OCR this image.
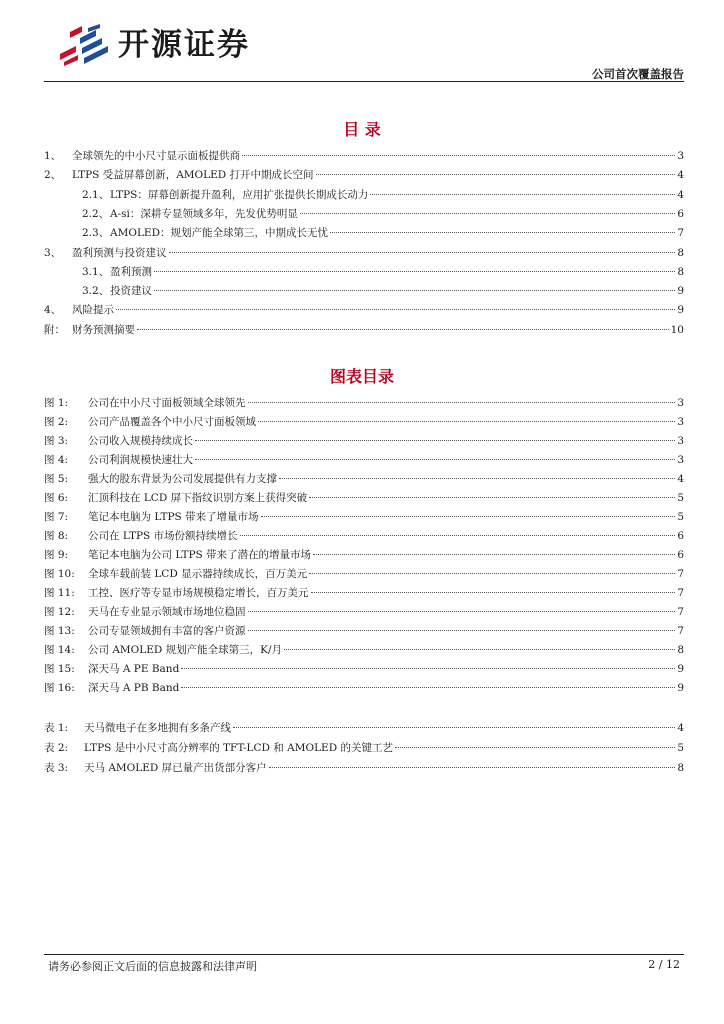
开源证券
公司首次覆盖报告
目 录
1、	全球领先的中小尺寸显示面板提供商	3
2、	LTPS 受益屏幕创新，AMOLED 打开中期成长空间	4
2.1、 LTPS：屏幕创新提升盈利，应用扩张提供长期成长动力	4
2.2、 A-si：深耕专显领域多年，先发优势明显	6
2.3、 AMOLED：规划产能全球第三，中期成长无忧	7
3、	盈利预测与投资建议	8
3.1、 盈利预测	8
3.2、 投资建议	9
4、	风险提示	9
附： 财务预测摘要	10
图表目录
图 1:	公司在中小尺寸面板领域全球领先	3
图 2:	公司产品覆盖各个中小尺寸面板领域	3
图 3:	公司收入规模持续成长	3
图 4:	公司利润规模快速壮大	3
图 5:	强大的股东背景为公司发展提供有力支撑	4
图 6:	汇顶科技在 LCD 屏下指纹识别方案上获得突破	5
图 7:	笔记本电脑为 LTPS 带来了增量市场	5
图 8:	公司在 LTPS 市场份额持续增长	6
图 9:	笔记本电脑为公司 LTPS 带来了潜在的增量市场	6
图 10:	全球车载前装 LCD 显示器持续成长，百万美元	7
图 11:	工控、医疗等专显市场规模稳定增长，百万美元	7
图 12:	天马在专业显示领域市场地位稳固	7
图 13:	公司专显领域拥有丰富的客户资源	7
图 14:	公司 AMOLED 规划产能全球第三，K/月	8
图 15:	深天马 A PE Band	9
图 16:	深天马 A PB Band	9
表 1:	天马微电子在多地拥有多条产线	4
表 2:	LTPS 是中小尺寸高分辨率的 TFT-LCD 和 AMOLED 的关键工艺	5
表 3:	天马 AMOLED 屏已量产出货部分客户	8
请务必参阅正文后面的信息披露和法律声明	2 / 12
